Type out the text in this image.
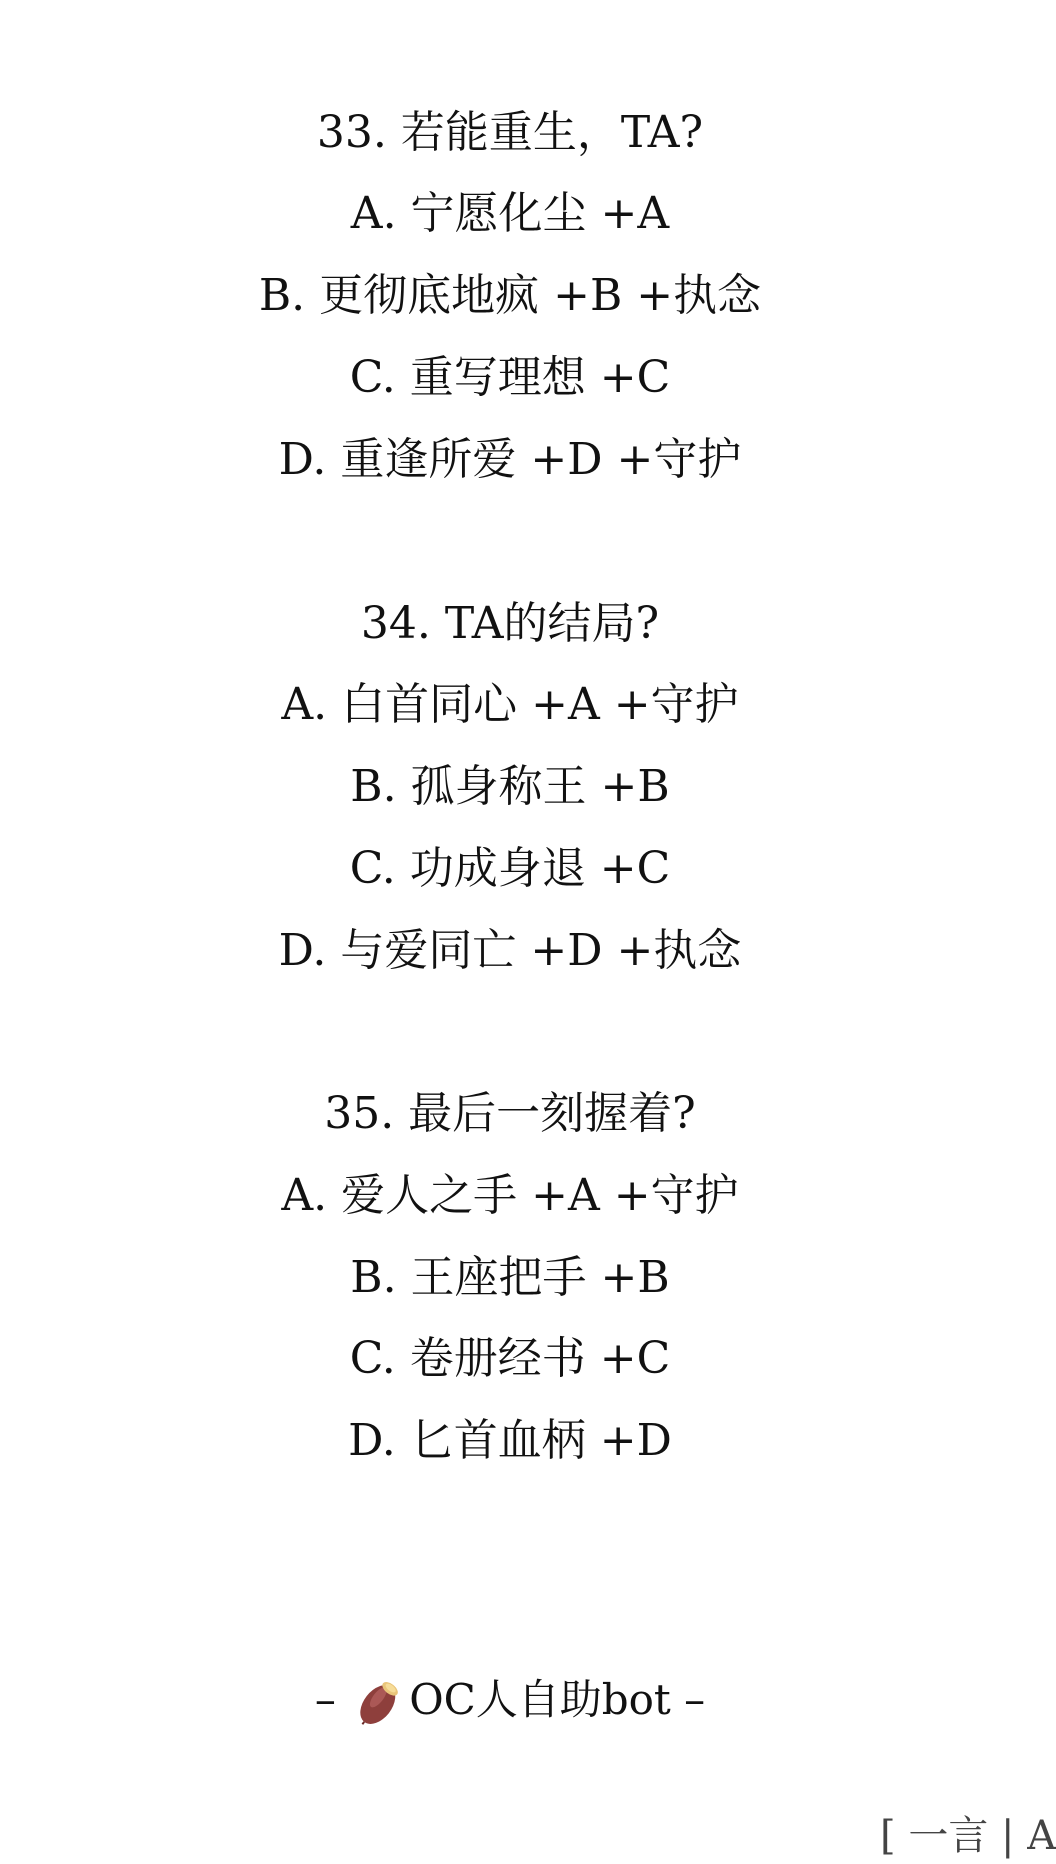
33. 若能重生，TA?
A. 宁愿化尘 +A
B. 更彻底地疯 +B +执念
C. 重写理想 +C
D. 重逢所爱 +D +守护
34. TA的结局?
A. 白首同心 +A +守护
B. 孤身称王 +B
C. 功成身退 +C
D. 与爱同亡 +D +执念
35. 最后一刻握着?
A. 爱人之手 +A +守护
B. 王座把手 +B
C. 卷册经书 +C
D. 匕首血柄 +D
– OC人自助bot –
[ 一言 | A
